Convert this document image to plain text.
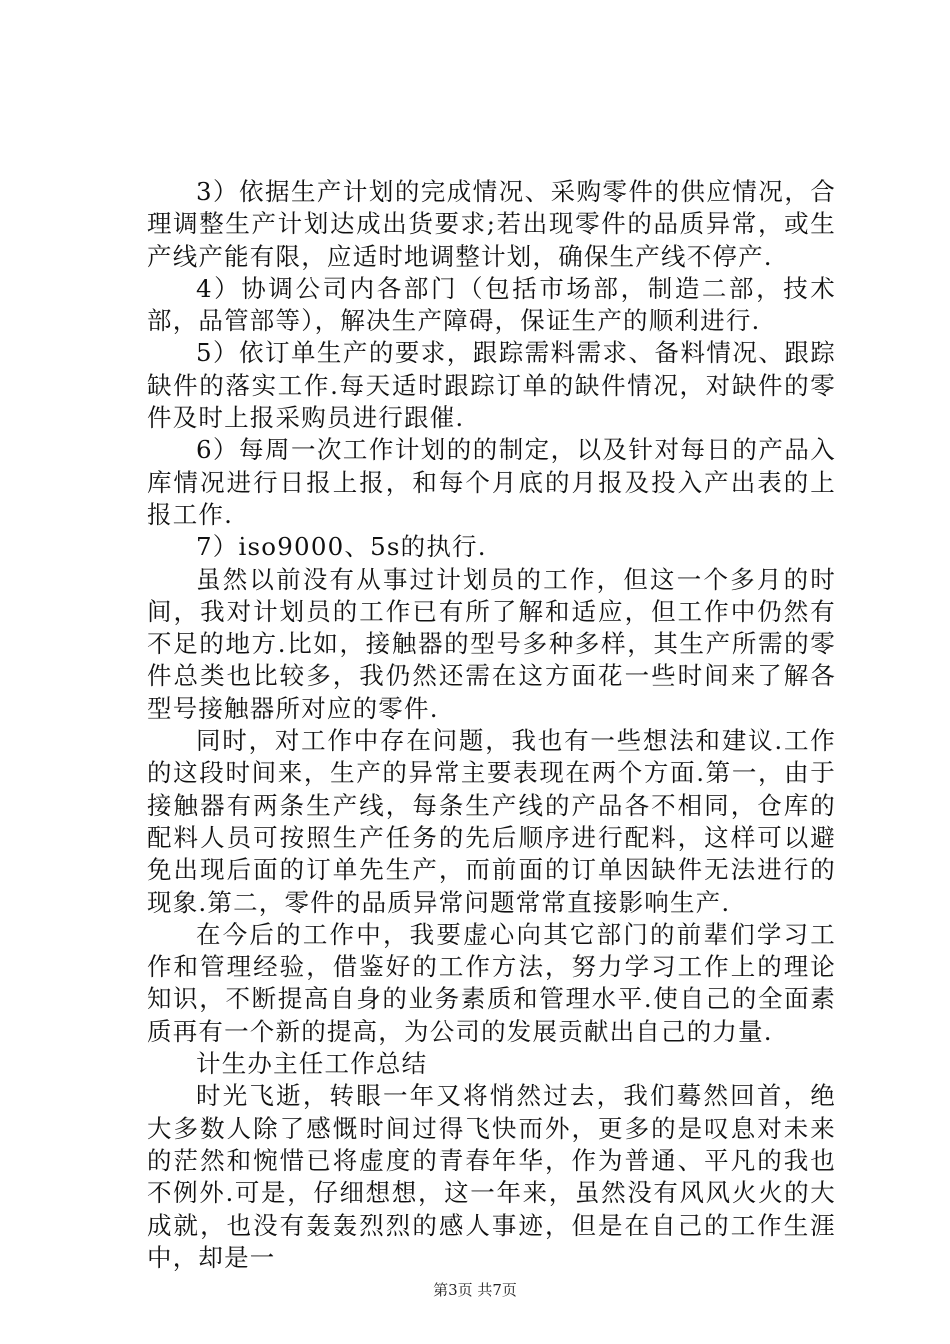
3）依据生产计划的完成情况、采购零件的供应情况，合理调整生产计划达成出货要求;若出现零件的品质异常，或生产线产能有限，应适时地调整计划，确保生产线不停产.

4）协调公司内各部门（包括市场部，制造二部，技术部，品管部等），解决生产障碍，保证生产的顺利进行.

5）依订单生产的要求，跟踪需料需求、备料情况、跟踪缺件的落实工作.每天适时跟踪订单的缺件情况，对缺件的零件及时上报采购员进行跟催.

6）每周一次工作计划的的制定，以及针对每日的产品入库情况进行日报上报，和每个月底的月报及投入产出表的上报工作.

7）iso9000、5s的执行.

虽然以前没有从事过计划员的工作，但这一个多月的时间，我对计划员的工作已有所了解和适应，但工作中仍然有不足的地方.比如，接触器的型号多种多样，其生产所需的零件总类也比较多，我仍然还需在这方面花一些时间来了解各型号接触器所对应的零件.

同时，对工作中存在问题，我也有一些想法和建议.工作的这段时间来，生产的异常主要表现在两个方面.第一，由于接触器有两条生产线，每条生产线的产品各不相同，仓库的配料人员可按照生产任务的先后顺序进行配料，这样可以避免出现后面的订单先生产，而前面的订单因缺件无法进行的现象.第二，零件的品质异常问题常常直接影响生产.

在今后的工作中，我要虚心向其它部门的前辈们学习工作和管理经验，借鉴好的工作方法，努力学习工作上的理论知识，不断提高自身的业务素质和管理水平.使自己的全面素质再有一个新的提高，为公司的发展贡献出自己的力量.

计生办主任工作总结

时光飞逝，转眼一年又将悄然过去，我们蓦然回首，绝大多数人除了感慨时间过得飞快而外，更多的是叹息对未来的茫然和惋惜已将虚度的青春年华，作为普通、平凡的我也不例外.可是，仔细想想，这一年来，虽然没有风风火火的大成就，也没有轰轰烈烈的感人事迹，但是在自己的工作生涯中，却是一

第3页 共7页
